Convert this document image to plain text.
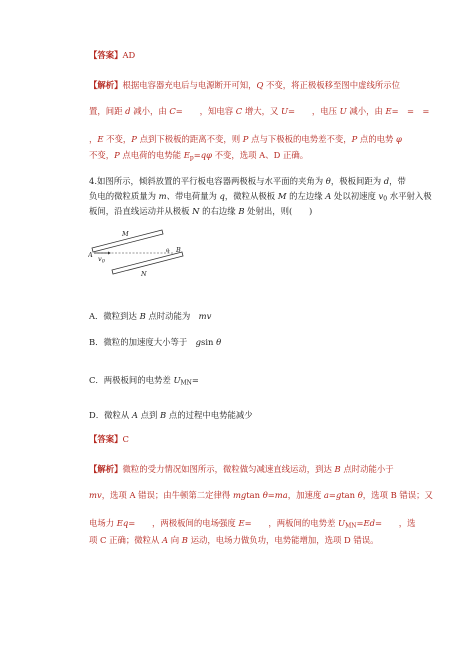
【答案】AD
【解析】根据电容器充电后与电源断开可知，Q 不变，将正极板移至图中虚线所示位
置，间距 d 减小，由 C=　　，知电容 C 增大，又 U=　　，电压 U 减小，由 E=　=　=
，E 不变，P 点到下极板的距离不变，则 P 点与下极板的电势差不变，P 点的电势 φ
不变，P 点电荷的电势能 $E_p=q\varphi$ 不变，选项 A、D 正确。
4.如图所示，倾斜放置的平行板电容器两极板与水平面的夹角为 θ，极板间距为 d，带
负电的微粒质量为 m、带电荷量为 q，微粒从极板 M 的左边缘 A 处以初速度 $v_0$ 水平射入极
板间，沿直线运动并从极板 N 的右边缘 B 处射出，则(　　)
M
N
A
B
$v_0$
θ
A．微粒到达 B 点时动能为　mv
B．微粒的加速度大小等于　gsin θ
C．两极板间的电势差 $U_{MN}=$
D．微粒从 A 点到 B 点的过程中电势能减少
【答案】C
【解析】微粒的受力情况如图所示，微粒做匀减速直线运动，到达 B 点时动能小于
mv，选项 A 错误；由牛顿第二定律得 mgtan θ=ma，加速度 a=gtan θ，选项 B 错误；又
电场力 Eq=　　，两极板间的电场强度 E=　　，两板间的电势差 $U_{MN}=Ed=$　　，选
项 C 正确；微粒从 A 向 B 运动，电场力做负功，电势能增加，选项 D 错误。
